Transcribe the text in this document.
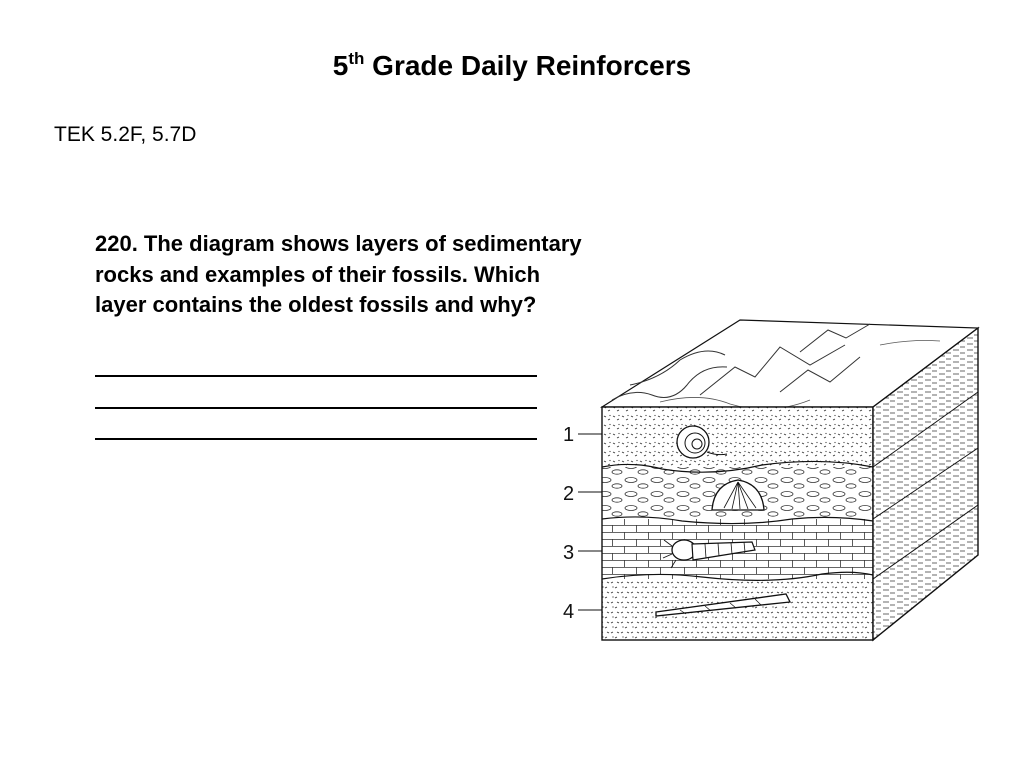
5th Grade Daily Reinforcers
TEK 5.2F, 5.7D
220. The diagram shows layers of sedimentary
rocks and examples of their fossils. Which
layer contains the oldest fossils and why?
1
2
3
4
